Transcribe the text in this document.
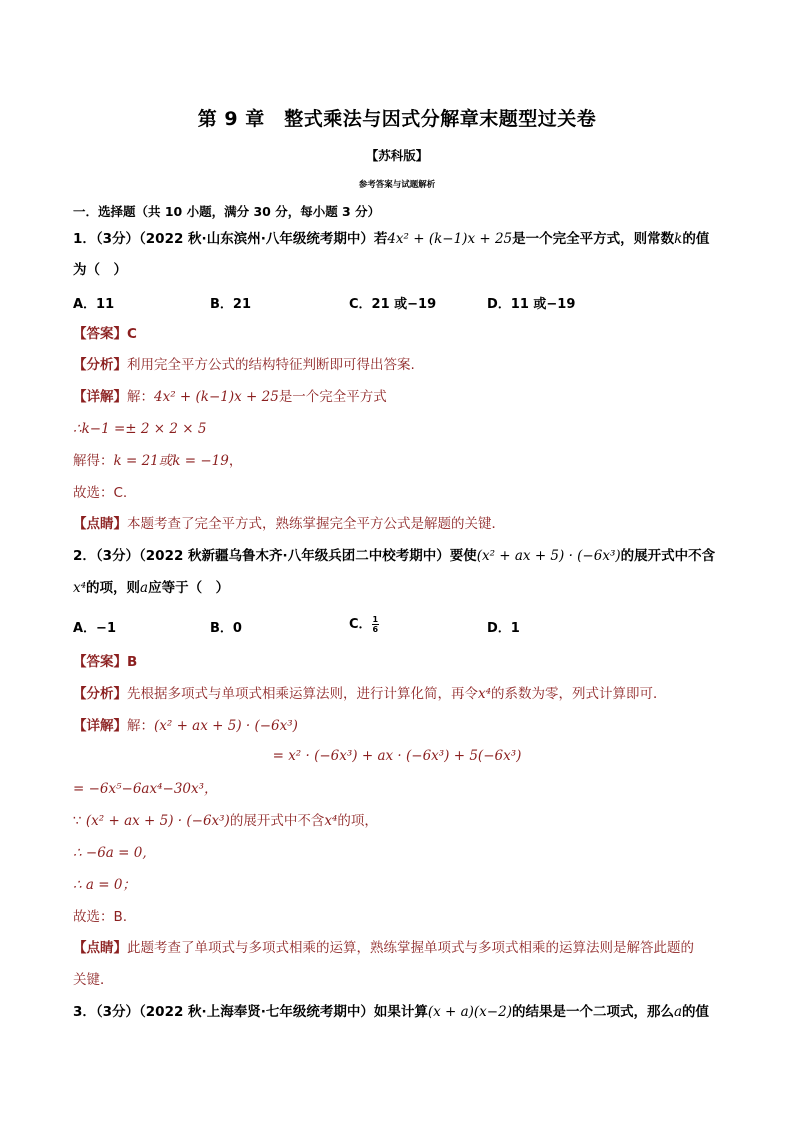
第 9 章　整式乘法与因式分解章末题型过关卷
【苏科版】
参考答案与试题解析
一．选择题（共 10 小题，满分 30 分，每小题 3 分）
1．（3分）（2022 秋·山东滨州·八年级统考期中）若4x² + (k−1)x + 25是一个完全平方式，则常数k的值
为（　）
A．11	B．21	C．21 或−19	D．11 或−19
【答案】C
【分析】利用完全平方公式的结构特征判断即可得出答案.
【详解】解：4x² + (k−1)x + 25是一个完全平方式
∴k−1 =± 2 × 2 × 5
解得：k = 21或k = −19，
故选：C.
【点睛】本题考查了完全平方式，熟练掌握完全平方公式是解题的关键．
2．（3分）（2022 秋新疆乌鲁木齐·八年级兵团二中校考期中）要使(x² + ax + 5) · (−6x³)的展开式中不含
x⁴的项，则a应等于（　）
A．−1	B．0	C． $\frac{1}{6}$	D．1
【答案】B
【分析】先根据多项式与单项式相乘运算法则，进行计算化简，再令x⁴的系数为零，列式计算即可．
【详解】解：(x² + ax + 5) · (−6x³)
= x² · (−6x³) + ax · (−6x³) + 5(−6x³)
= −6x⁵−6ax⁴−30x³，
∵ (x² + ax + 5) · (−6x³)的展开式中不含x⁴的项，
∴ −6a = 0,
∴ a = 0；
故选：B.
【点睛】此题考查了单项式与多项式相乘的运算，熟练掌握单项式与多项式相乘的运算法则是解答此题的
关键．
3．（3分）（2022 秋·上海奉贤·七年级统考期中）如果计算(x + a)(x−2)的结果是一个二项式，那么a的值
